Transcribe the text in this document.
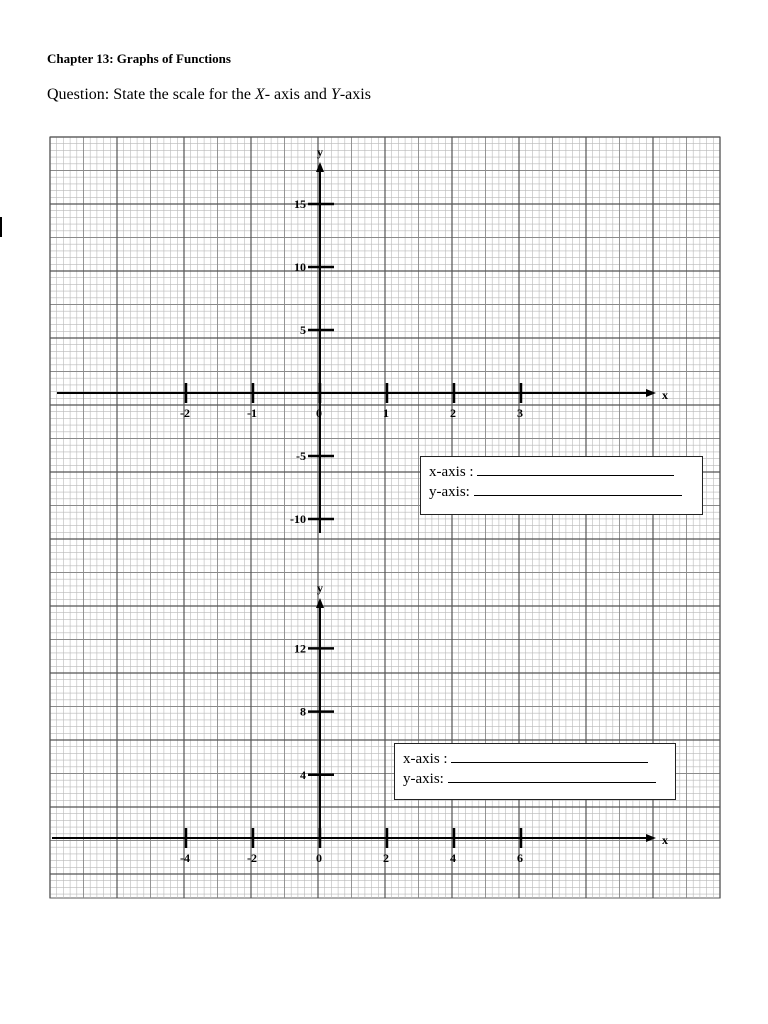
Chapter 13: Graphs of Functions
Question: State the scale for the X- axis and Y-axis
x
y
-2	-1	0	1	2	3
15
10
5
-5
-10
x
y
-4	-2	0	2	4	6
12
8
4
x-axis :
y-axis:
x-axis :
y-axis:
